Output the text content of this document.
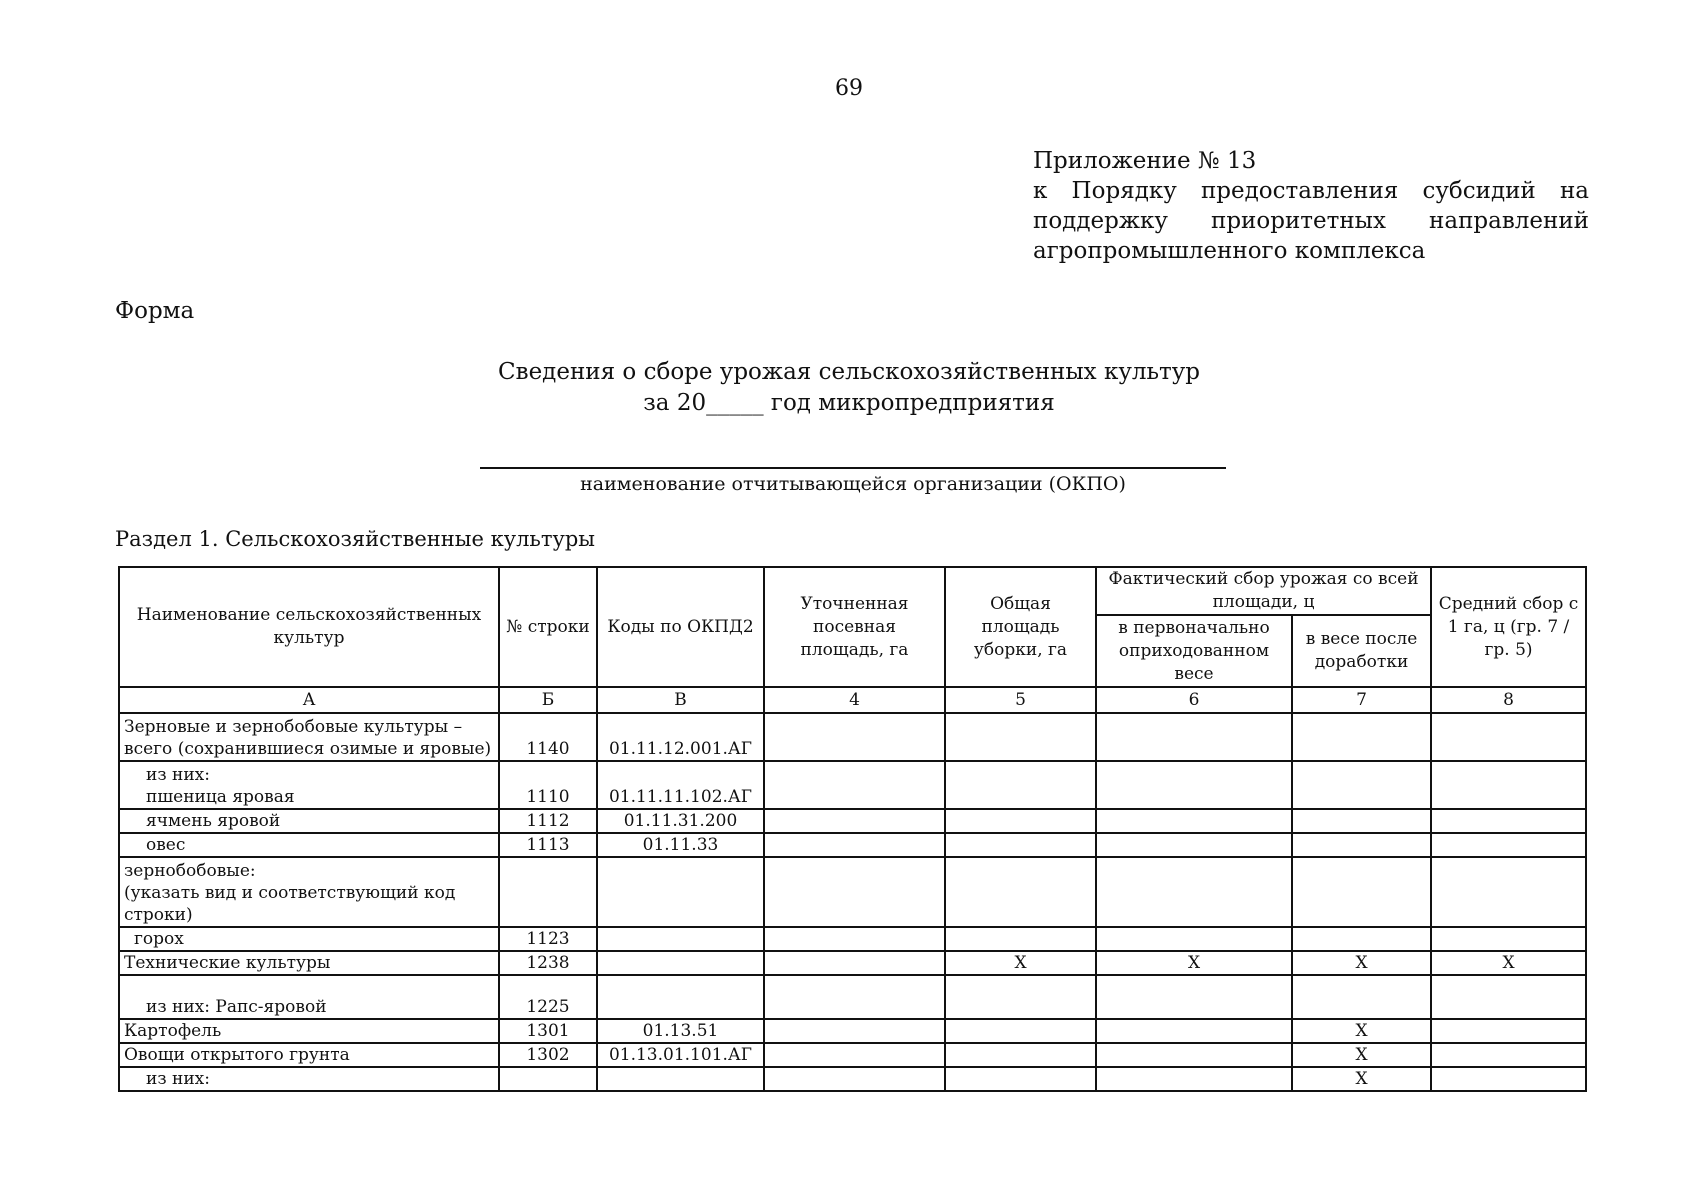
69
Приложение № 13
к Порядку предоставления субсидий на
поддержку приоритетных направлений
агропромышленного комплекса
Форма
Сведения о сборе урожая сельскохозяйственных культур
за 20_____ год микропредприятия
наименование отчитывающейся организации (ОКПО)
Раздел 1. Сельскохозяйственные культуры
Наименование сельскохозяйственных культур	№ строки	Коды по ОКПД2	Уточненная посевная площадь, га	Общая площадь уборки, га	Фактический сбор урожая со всей площади, ц		Средний сбор с 1 га, ц (гр. 7 / гр. 5)
					в первоначально оприходованном весе	в весе после доработки	
А	Б	В	4	5	6	7	8
Зерновые и зернобобовые культуры –
всего (сохранившиеся озимые и яровые)	1140	01.11.12.001.АГ					
из них:
пшеница яровая	1110	01.11.11.102.АГ					
ячмень яровой	1112	01.11.31.200					
овес	1113	01.11.33					
зернобобовые:
(указать вид и соответствующий код
строки)							
горох	1123						
Технические культуры	1238			Х	Х	Х	Х
из них: Рапс-яровой	1225						
Картофель	1301	01.13.51				Х	
Овощи открытого грунта	1302	01.13.01.101.АГ				Х	
из них:						Х	
